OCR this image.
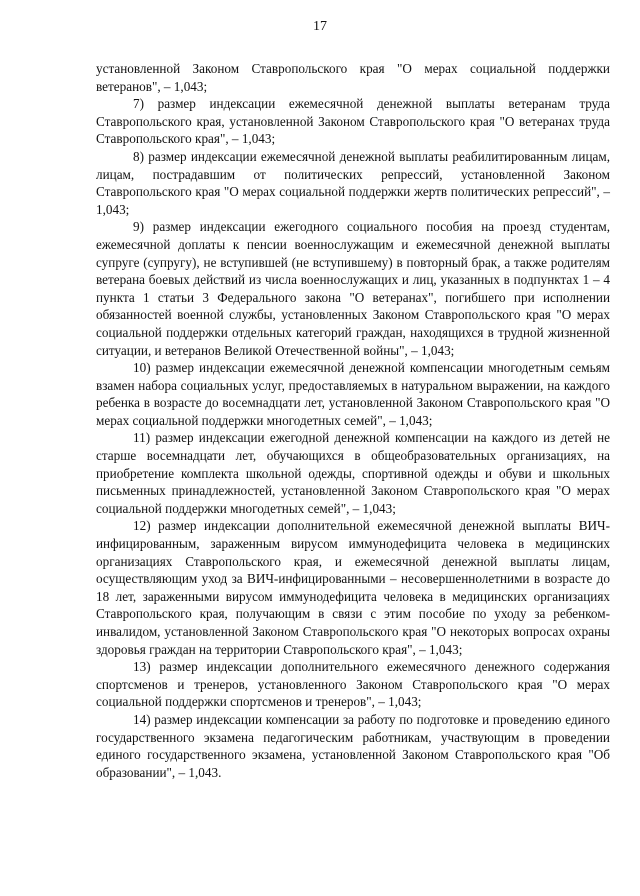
17

установленной Законом Ставропольского края "О мерах социальной поддержки ветеранов", – 1,043;

7) размер индексации ежемесячной денежной выплаты ветеранам труда Ставропольского края, установленной Законом Ставропольского края "О ветеранах труда Ставропольского края", – 1,043;

8) размер индексации ежемесячной денежной выплаты реабилитированным лицам, лицам, пострадавшим от политических репрессий, установленной Законом Ставропольского края "О мерах социальной поддержки жертв политических репрессий", – 1,043;

9) размер индексации ежегодного социального пособия на проезд студентам, ежемесячной доплаты к пенсии военнослужащим и ежемесячной денежной выплаты супруге (супругу), не вступившей (не вступившему) в повторный брак, а также родителям ветерана боевых действий из числа военнослужащих и лиц, указанных в подпунктах 1 – 4 пункта 1 статьи 3 Федерального закона "О ветеранах", погибшего при исполнении обязанностей военной службы, установленных Законом Ставропольского края "О мерах социальной поддержки отдельных категорий граждан, находящихся в трудной жизненной ситуации, и ветеранов Великой Отечественной войны", – 1,043;

10) размер индексации ежемесячной денежной компенсации многодетным семьям взамен набора социальных услуг, предоставляемых в натуральном выражении, на каждого ребенка в возрасте до восемнадцати лет, установленной Законом Ставропольского края "О мерах социальной поддержки многодетных семей", – 1,043;

11) размер индексации ежегодной денежной компенсации на каждого из детей не старше восемнадцати лет, обучающихся в общеобразовательных организациях, на приобретение комплекта школьной одежды, спортивной одежды и обуви и школьных письменных принадлежностей, установленной Законом Ставропольского края "О мерах социальной поддержки многодетных семей", – 1,043;

12) размер индексации дополнительной ежемесячной денежной выплаты ВИЧ-инфицированным, зараженным вирусом иммунодефицита человека в медицинских организациях Ставропольского края, и ежемесячной денежной выплаты лицам, осуществляющим уход за ВИЧ-инфицированными – несовершеннолетними в возрасте до 18 лет, зараженными вирусом иммунодефицита человека в медицинских организациях Ставропольского края, получающим в связи с этим пособие по уходу за ребенком-инвалидом, установленной Законом Ставропольского края "О некоторых вопросах охраны здоровья граждан на территории Ставропольского края", – 1,043;

13) размер индексации дополнительного ежемесячного денежного содержания спортсменов и тренеров, установленного Законом Ставропольского края "О мерах социальной поддержки спортсменов и тренеров", – 1,043;

14) размер индексации компенсации за работу по подготовке и проведению единого государственного экзамена педагогическим работникам, участвующим в проведении единого государственного экзамена, установленной Законом Ставропольского края "Об образовании", – 1,043.
